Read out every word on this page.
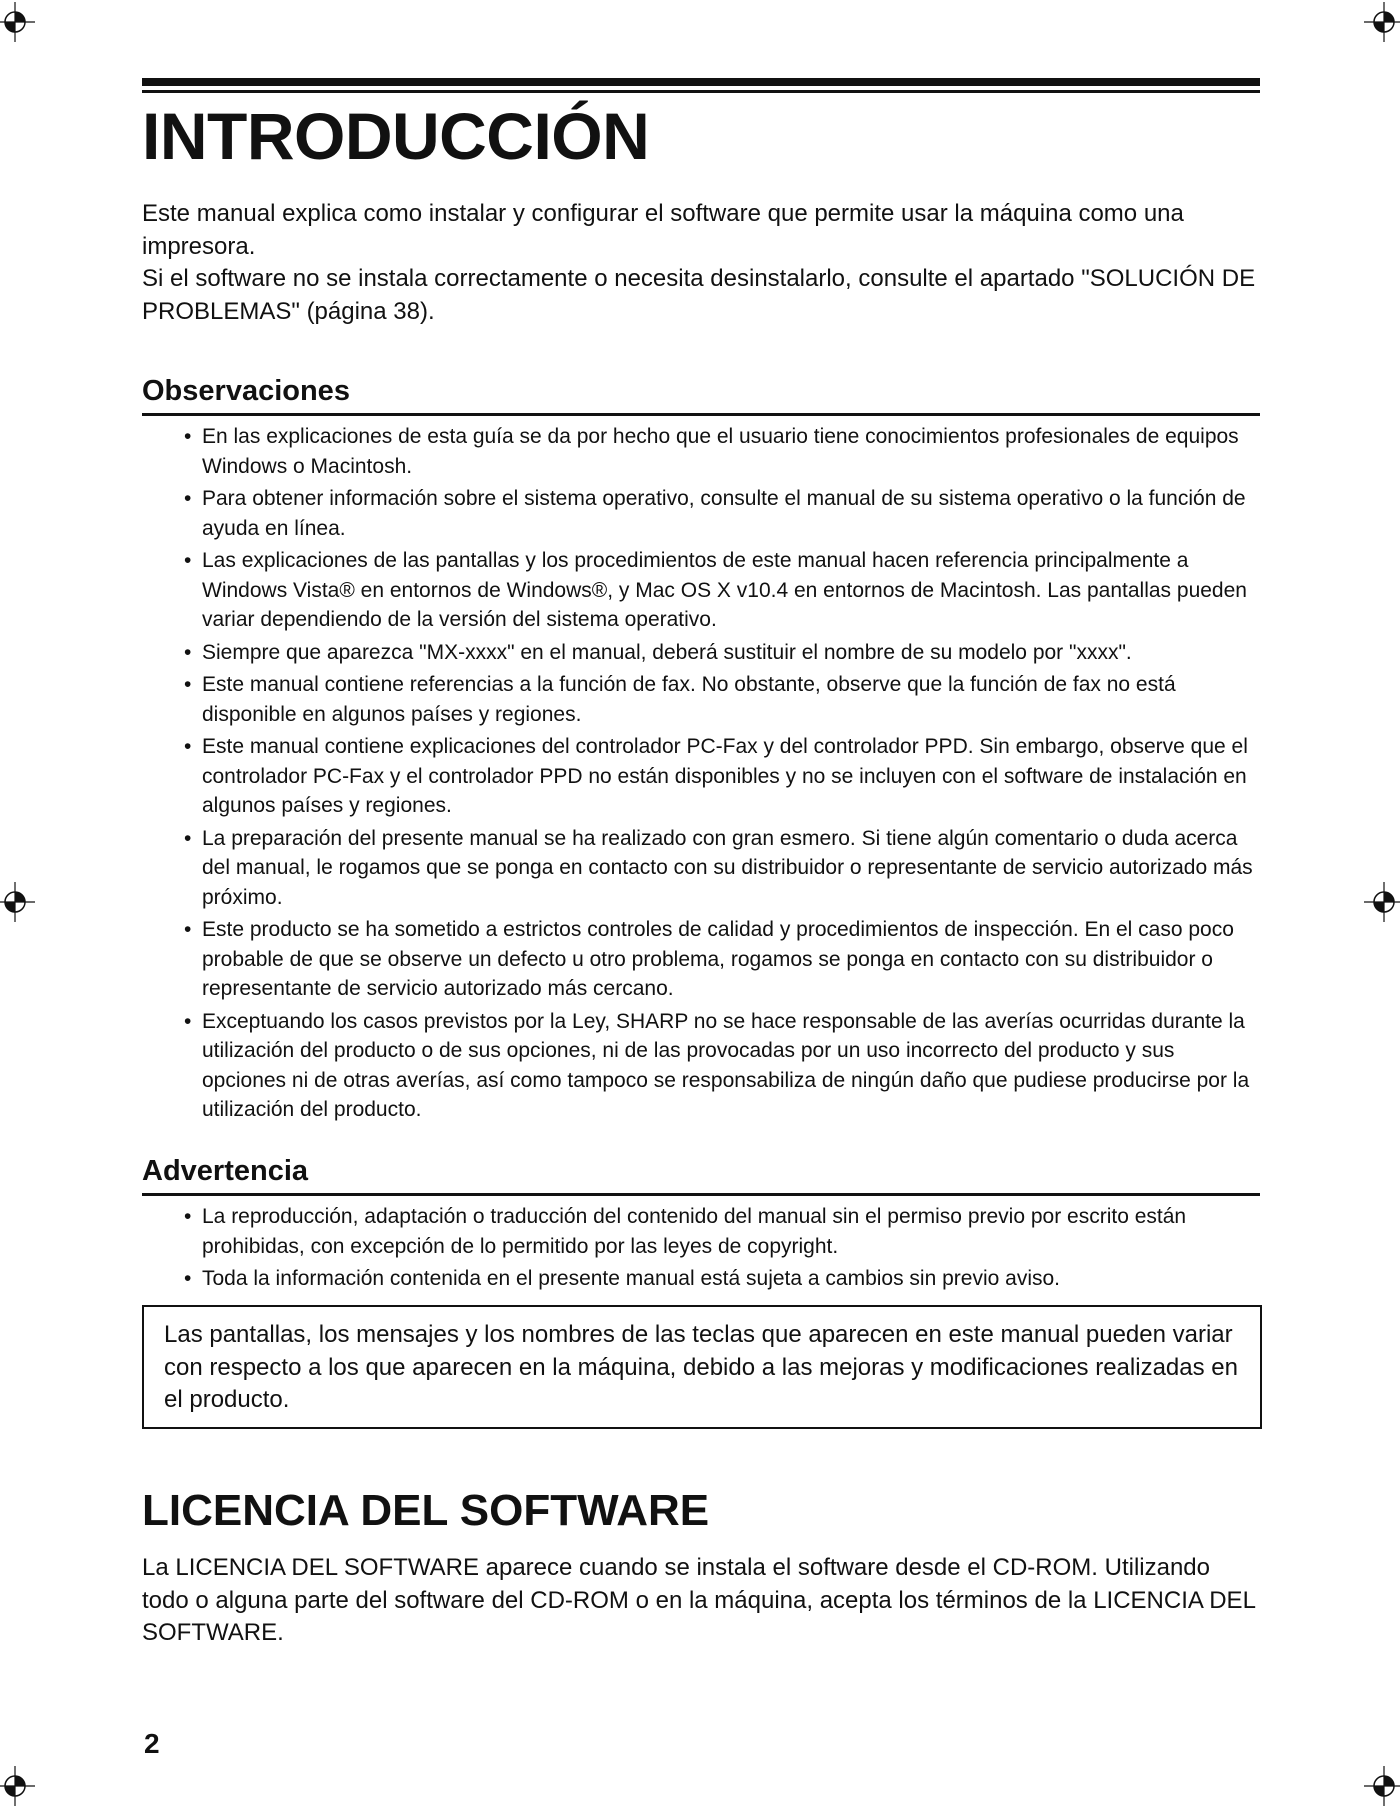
INTRODUCCIÓN

Este manual explica como instalar y configurar el software que permite usar la máquina como una impresora.

Si el software no se instala correctamente o necesita desinstalarlo, consulte el apartado "SOLUCIÓN DE PROBLEMAS" (página 38).

Observaciones
• En las explicaciones de esta guía se da por hecho que el usuario tiene conocimientos profesionales de equipos Windows o Macintosh.
• Para obtener información sobre el sistema operativo, consulte el manual de su sistema operativo o la función de ayuda en línea.
• Las explicaciones de las pantallas y los procedimientos de este manual hacen referencia principalmente a Windows Vista® en entornos de Windows®, y Mac OS X v10.4 en entornos de Macintosh. Las pantallas pueden variar dependiendo de la versión del sistema operativo.
• Siempre que aparezca "MX-xxxx" en el manual, deberá sustituir el nombre de su modelo por "xxxx".
• Este manual contiene referencias a la función de fax. No obstante, observe que la función de fax no está disponible en algunos países y regiones.
• Este manual contiene explicaciones del controlador PC-Fax y del controlador PPD. Sin embargo, observe que el controlador PC-Fax y el controlador PPD no están disponibles y no se incluyen con el software de instalación en algunos países y regiones.
• La preparación del presente manual se ha realizado con gran esmero. Si tiene algún comentario o duda acerca del manual, le rogamos que se ponga en contacto con su distribuidor o representante de servicio autorizado más próximo.
• Este producto se ha sometido a estrictos controles de calidad y procedimientos de inspección. En el caso poco probable de que se observe un defecto u otro problema, rogamos se ponga en contacto con su distribuidor o representante de servicio autorizado más cercano.
• Exceptuando los casos previstos por la Ley, SHARP no se hace responsable de las averías ocurridas durante la utilización del producto o de sus opciones, ni de las provocadas por un uso incorrecto del producto y sus opciones ni de otras averías, así como tampoco se responsabiliza de ningún daño que pudiese producirse por la utilización del producto.
Advertencia
• La reproducción, adaptación o traducción del contenido del manual sin el permiso previo por escrito están prohibidas, con excepción de lo permitido por las leyes de copyright.
• Toda la información contenida en el presente manual está sujeta a cambios sin previo aviso.
Las pantallas, los mensajes y los nombres de las teclas que aparecen en este manual pueden variar con respecto a los que aparecen en la máquina, debido a las mejoras y modificaciones realizadas en el producto.
LICENCIA DEL SOFTWARE

La LICENCIA DEL SOFTWARE aparece cuando se instala el software desde el CD-ROM. Utilizando todo o alguna parte del software del CD-ROM o en la máquina, acepta los términos de la LICENCIA DEL SOFTWARE.

2
